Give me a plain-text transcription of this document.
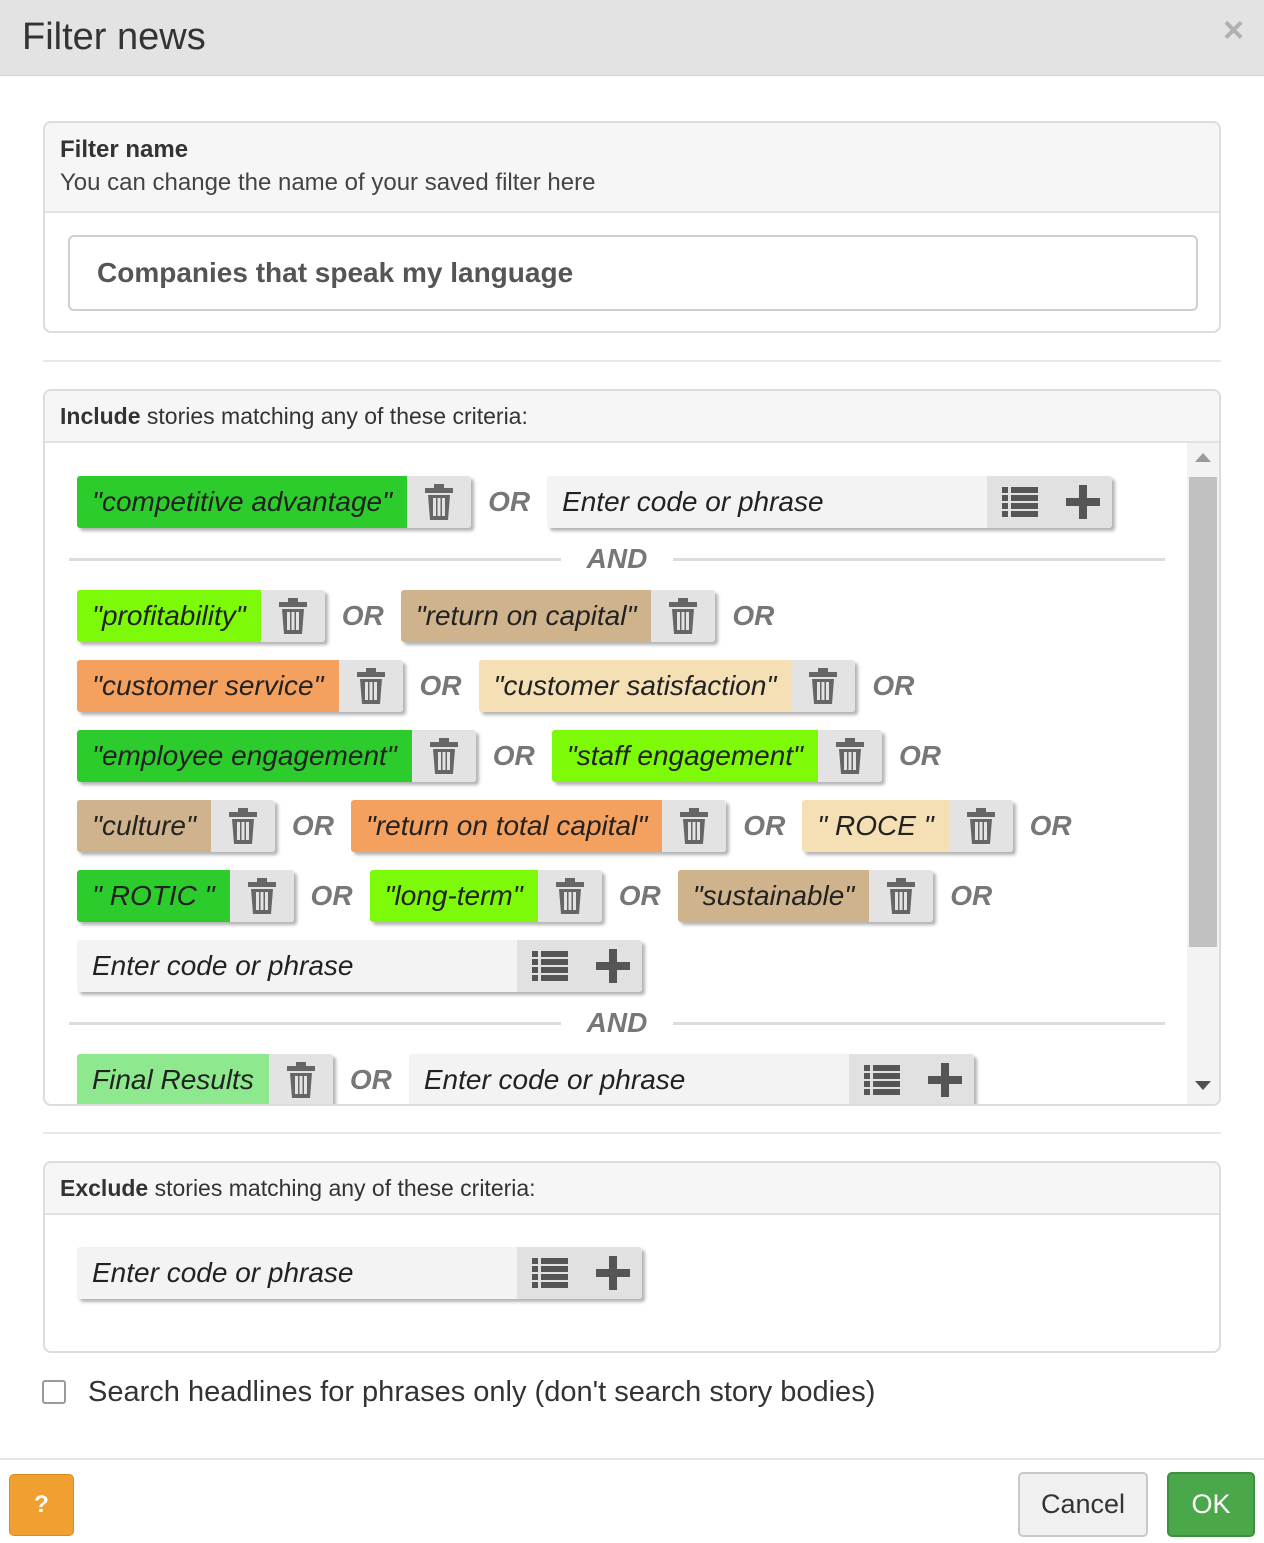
Filter news	×
Filter name
You can change the name of your saved filter here
Companies that speak my language
Include stories matching any of these criteria:
"competitive advantage"	OR	Enter code or phrase
AND
"profitability"	OR	"return on capital"	OR
"customer service"	OR	"customer satisfaction"	OR
"employee engagement"	OR	"staff engagement"	OR
"culture"	OR	"return on total capital"	OR	" ROCE "	OR
" ROTIC "	OR	"long-term"	OR	"sustainable"	OR
Enter code or phrase
AND
Final Results	OR	Enter code or phrase
Exclude stories matching any of these criteria:
Enter code or phrase
Search headlines for phrases only (don't search story bodies)
?	Cancel	OK
